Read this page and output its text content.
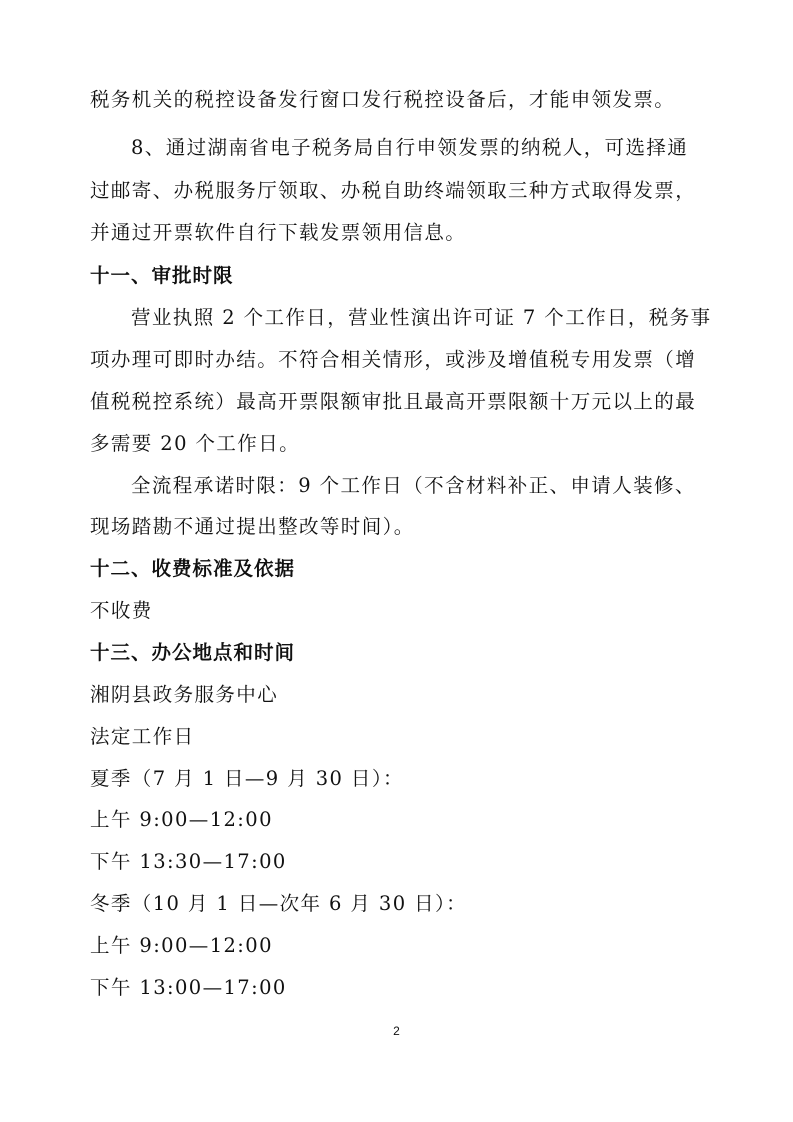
税务机关的税控设备发行窗口发行税控设备后，才能申领发票。
8、通过湖南省电子税务局自行申领发票的纳税人，可选择通
过邮寄、办税服务厅领取、办税自助终端领取三种方式取得发票，
并通过开票软件自行下载发票领用信息。
十一、审批时限
营业执照 2 个工作日，营业性演出许可证 7 个工作日，税务事
项办理可即时办结。不符合相关情形，或涉及增值税专用发票（增
值税税控系统）最高开票限额审批且最高开票限额十万元以上的最
多需要 20 个工作日。
全流程承诺时限：9 个工作日（不含材料补正、申请人装修、
现场踏勘不通过提出整改等时间）。
十二、收费标准及依据
不收费
十三、办公地点和时间
湘阴县政务服务中心
法定工作日
夏季（7 月 1 日—9 月 30 日）：
上午 9:00—12:00
下午 13:30—17:00
冬季（10 月 1 日—次年 6 月 30 日）：
上午 9:00—12:00
下午 13:00—17:00
2
